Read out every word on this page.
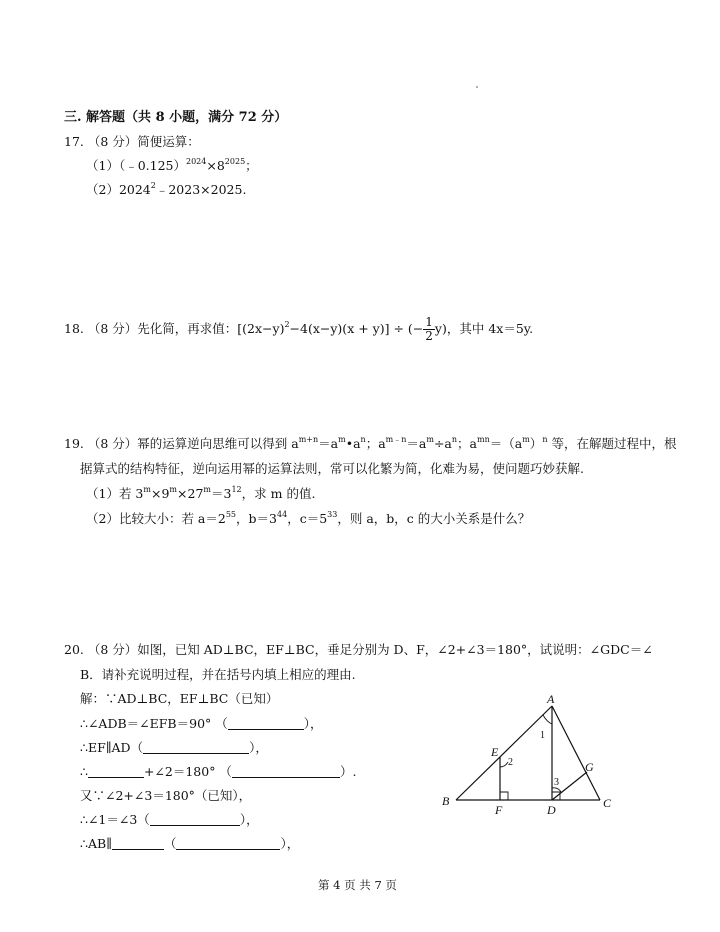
三. 解答题（共 8 小题，满分 72 分）
17. （8 分）简便运算：
$(1)(﹣0.125)^{2024}\times 8^{2025}$；
$(2)2024^2﹣2023\times 2025$.
18. （8 分）先化简，再求值：$[(2x-y)^2-4(x-y)(x + y)]$ ÷ (− $\frac{1}{2} y$)，其中 4x＝5y.
19. （8 分）幂的运算逆向思维可以得到 $a^{m+n}=a^m•a^n$；$a^{m﹣n}=a^m\div a^n$；$a^{mn}=(a^m)^n$ 等，在解题过程中，根
据算式的结构特征，逆向运用幂的运算法则，常可以化繁为简，化难为易，使问题巧妙获解.
（1）若 $3^m\times 9^m\times 27^m=3^{12}$，求 m 的值.
（2）比较大小：若 $a=2^{55}$，$b=3^{44}$，$c=5^{33}$，则 a，b，c 的大小关系是什么？
20. （8 分）如图，已知 AD⊥BC，EF⊥BC，垂足分别为 D、F，∠2+∠3＝180°，试说明：∠GDC＝∠
B．请补充说明过程，并在括号内填上相应的理由.
解：∵AD⊥BC，EF⊥BC（已知）
∴∠ADB＝∠EFB＝90° （	），
∴EF∥AD（	），
∴	+∠2＝180° （	）.
又∵∠2+∠3＝180°（已知），
∴∠1＝∠3（	），
∴AB∥	（	），
A
B	C
D
E
F
G
1
2
3
第 4 页 共 7 页
